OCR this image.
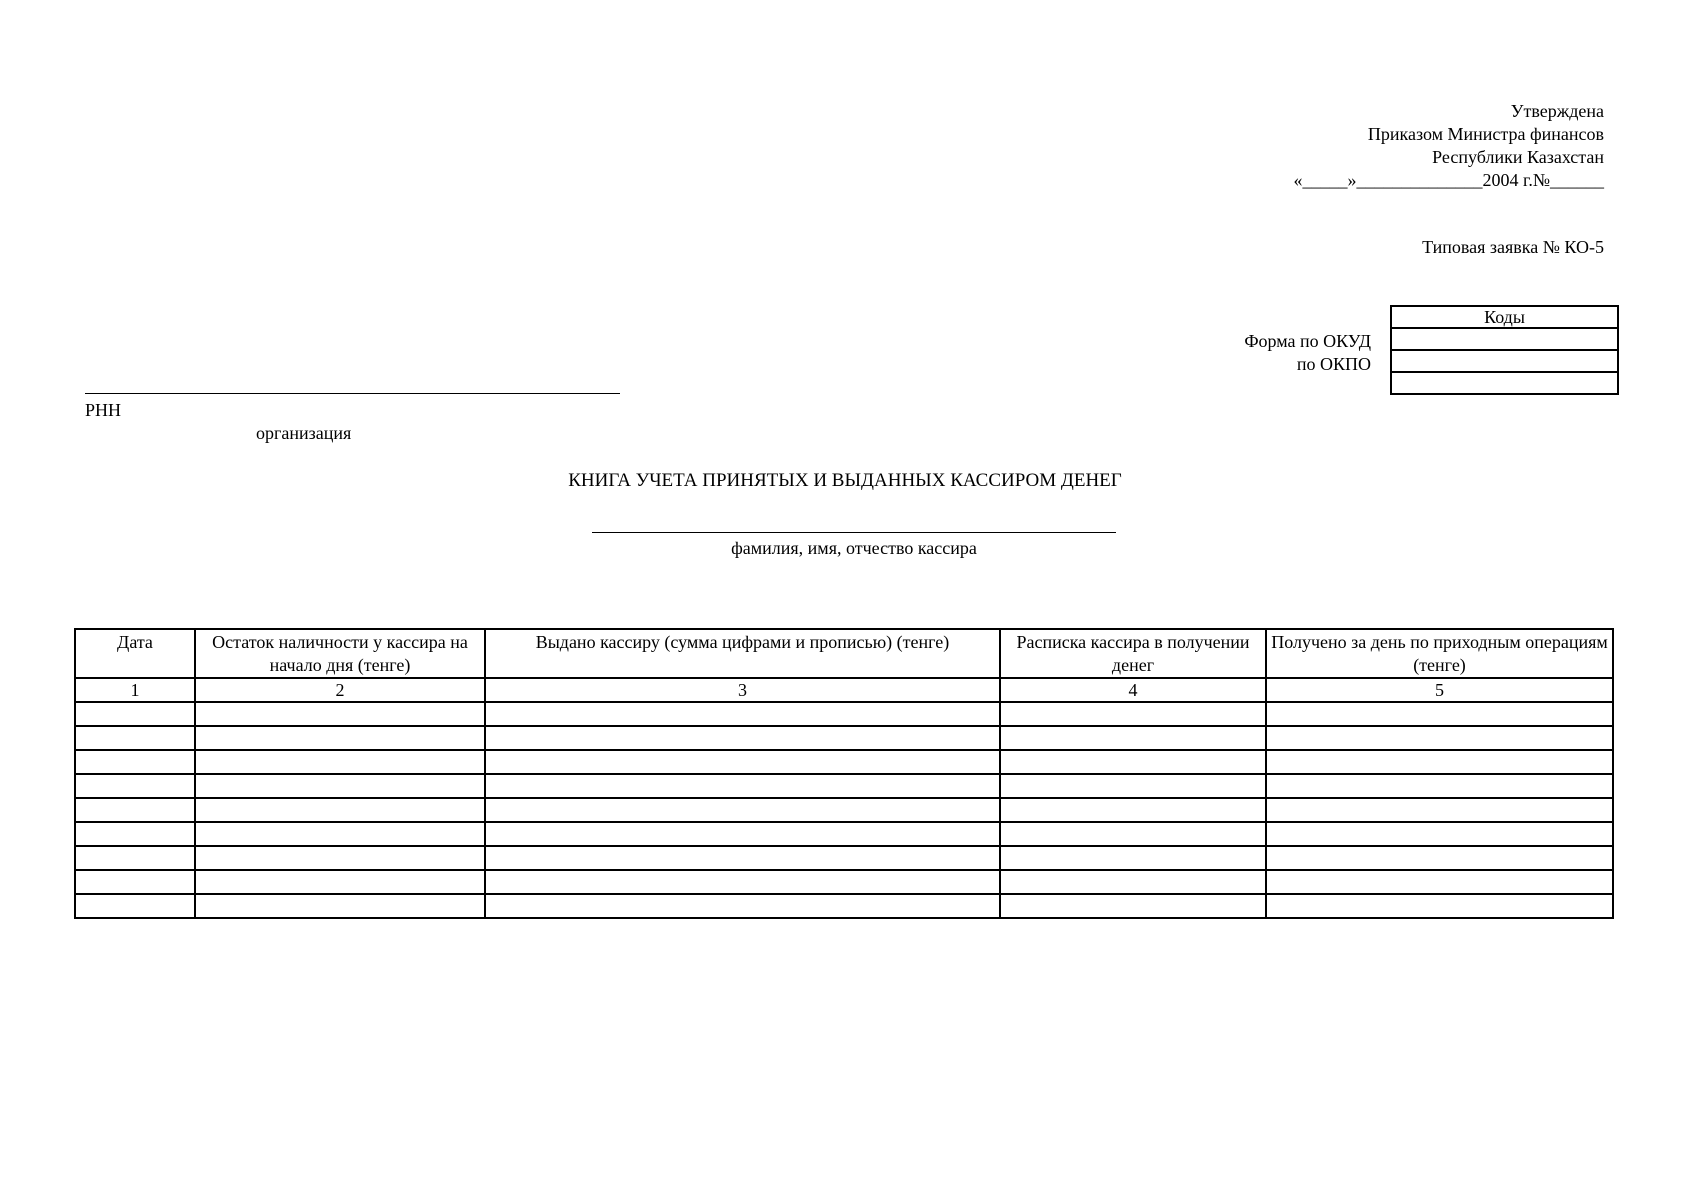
Утверждена
Приказом Министра финансов
Республики Казахстан
«_____»______________2004 г.№______
Типовая заявка № КО-5
Коды

Форма по ОКУД
по ОКПО
РНН
организация
КНИГА УЧЕТА ПРИНЯТЫХ И ВЫДАННЫХ КАССИРОМ ДЕНЕГ
фамилия, имя, отчество кассира
Дата	Остаток наличности у кассира на начало дня (тенге)	Выдано кассиру (сумма цифрами и прописью) (тенге)	Расписка кассира в получении денег	Получено за день по приходным операциям (тенге)
1	2	3	4	5
